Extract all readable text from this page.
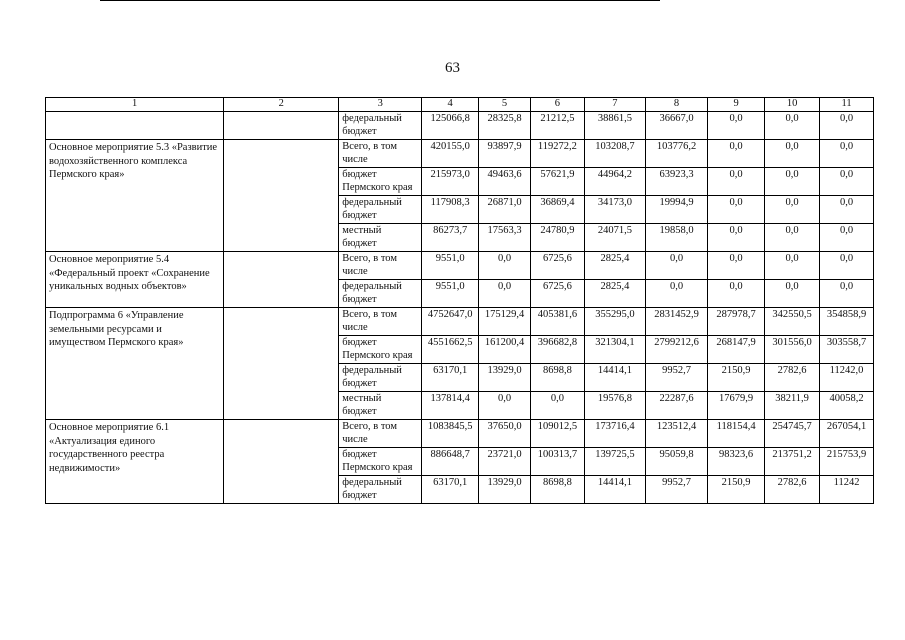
63
1	2	3	4	5	6	7	8	9	10	11
		федеральный бюджет	125066,8	28325,8	21212,5	38861,5	36667,0	0,0	0,0	0,0
Основное мероприятие 5.3 «Развитие водохозяйственного комплекса Пермского края»		Всего, в том числе	420155,0	93897,9	119272,2	103208,7	103776,2	0,0	0,0	0,0
		бюджет Пермского края	215973,0	49463,6	57621,9	44964,2	63923,3	0,0	0,0	0,0
		федеральный бюджет	117908,3	26871,0	36869,4	34173,0	19994,9	0,0	0,0	0,0
		местный бюджет	86273,7	17563,3	24780,9	24071,5	19858,0	0,0	0,0	0,0
Основное мероприятие 5.4 «Федеральный проект «Сохранение уникальных водных объектов»		Всего, в том числе	9551,0	0,0	6725,6	2825,4	0,0	0,0	0,0	0,0
		федеральный бюджет	9551,0	0,0	6725,6	2825,4	0,0	0,0	0,0	0,0
Подпрограмма 6 «Управление земельными ресурсами и имуществом Пермского края»		Всего, в том числе	4752647,0	175129,4	405381,6	355295,0	2831452,9	287978,7	342550,5	354858,9
		бюджет Пермского края	4551662,5	161200,4	396682,8	321304,1	2799212,6	268147,9	301556,0	303558,7
		федеральный бюджет	63170,1	13929,0	8698,8	14414,1	9952,7	2150,9	2782,6	11242,0
		местный бюджет	137814,4	0,0	0,0	19576,8	22287,6	17679,9	38211,9	40058,2
Основное мероприятие 6.1 «Актуализация единого государственного реестра недвижимости»		Всего, в том числе	1083845,5	37650,0	109012,5	173716,4	123512,4	118154,4	254745,7	267054,1
		бюджет Пермского края	886648,7	23721,0	100313,7	139725,5	95059,8	98323,6	213751,2	215753,9
		федеральный бюджет	63170,1	13929,0	8698,8	14414,1	9952,7	2150,9	2782,6	11242
